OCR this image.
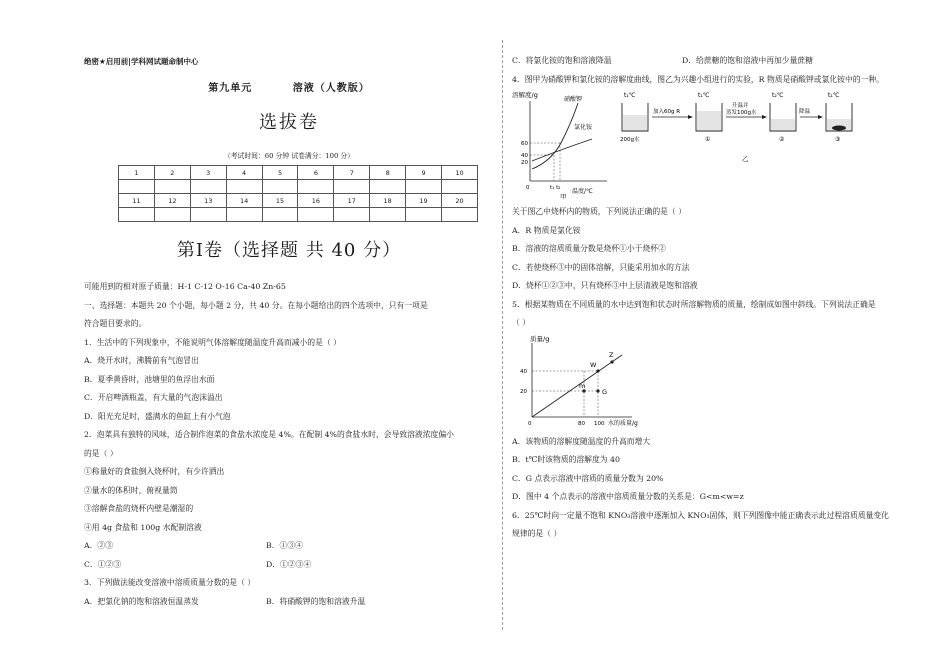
绝密★启用前|学科网试题命制中心
第九单元	溶液（人教版）
选拔卷
（考试时间：60 分钟 试卷满分：100 分）
1	2	3	4	5	6	7	8	9	10

11	12	13	14	15	16	17	18	19	20

第Ⅰ卷（选择题 共 40 分）
可能用到的相对原子质量：H-1 C-12 O-16 Ca-40 Zn-65
一、选择题：本题共 20 个小题，每小题 2 分，共 40 分。在每小题给出的四个选项中，只有一项是
符合题目要求的。
1．生活中的下列现象中，不能说明气体溶解度随温度升高而减小的是（ ）
A．烧开水时，沸腾前有气泡冒出
B．夏季黄昏时，池塘里的鱼浮出水面
C．开启啤酒瓶盖，有大量的气泡沫溢出
D．阳光充足时，盛满水的鱼缸上有小气泡
2．泡菜具有独特的风味，适合制作泡菜的食盐水浓度是 4%。在配制 4%的食盐水时，会导致溶液浓度偏小
的是（ ）
①称量好的食盐倒入烧杯时，有少许洒出
②量水的体积时，俯视量筒
③溶解食盐的烧杯内壁是潮湿的
④用 4g 食盐和 100g 水配制溶液
A．②③	B．①③④
C．①②③	D．①②③④
3．下列做法能改变溶液中溶质质量分数的是（ ）
A．把氯化钠的饱和溶液恒温蒸发	B．将硝酸钾的饱和溶液升温
C．将氯化铵的饱和溶液降温	D．给蔗糖的饱和溶液中再加少量蔗糖
4．图甲为硝酸钾和氯化铵的溶解度曲线，图乙为兴趣小组进行的实验，R 物质是硝酸钾或氯化铵中的一种。
溶解度/g
60
40
20
0	t₁ t₂
硝酸钾
氯化铵
温度/℃
甲
t₁℃
200g水
加入60g R
t₁℃
①
升温并
蒸发100g水
t₂℃
②
降温
t₁℃
③
乙
关于图乙中烧杯内的物质，下列说法正确的是（ ）
A．R 物质是氯化铵
B．溶液的溶质质量分数是烧杯①小于烧杯②
C．若使烧杯③中的固体溶解，只能采用加水的方法
D．烧杯①②③中，只有烧杯③中上层清液是饱和溶液
5．根据某物质在不同质量的水中达到饱和状态时所溶解物质的质量，绘制成如图中斜线。下列说法正确是
（ ）
质量/g
40
20
0	80 100 水的质量/g
W
Z
m
G
A．该物质的溶解度随温度的升高而增大
B．t℃时该物质的溶解度为 40
C．G 点表示溶液中溶质的质量分数为 20%
D．图中 4 个点表示的溶液中溶质质量分数的关系是：G<m<w=z
6．25℃时向一定量不饱和 KNO₃溶液中逐渐加入 KNO₃固体，则下列图像中能正确表示此过程溶质质量变化
规律的是（ ）
